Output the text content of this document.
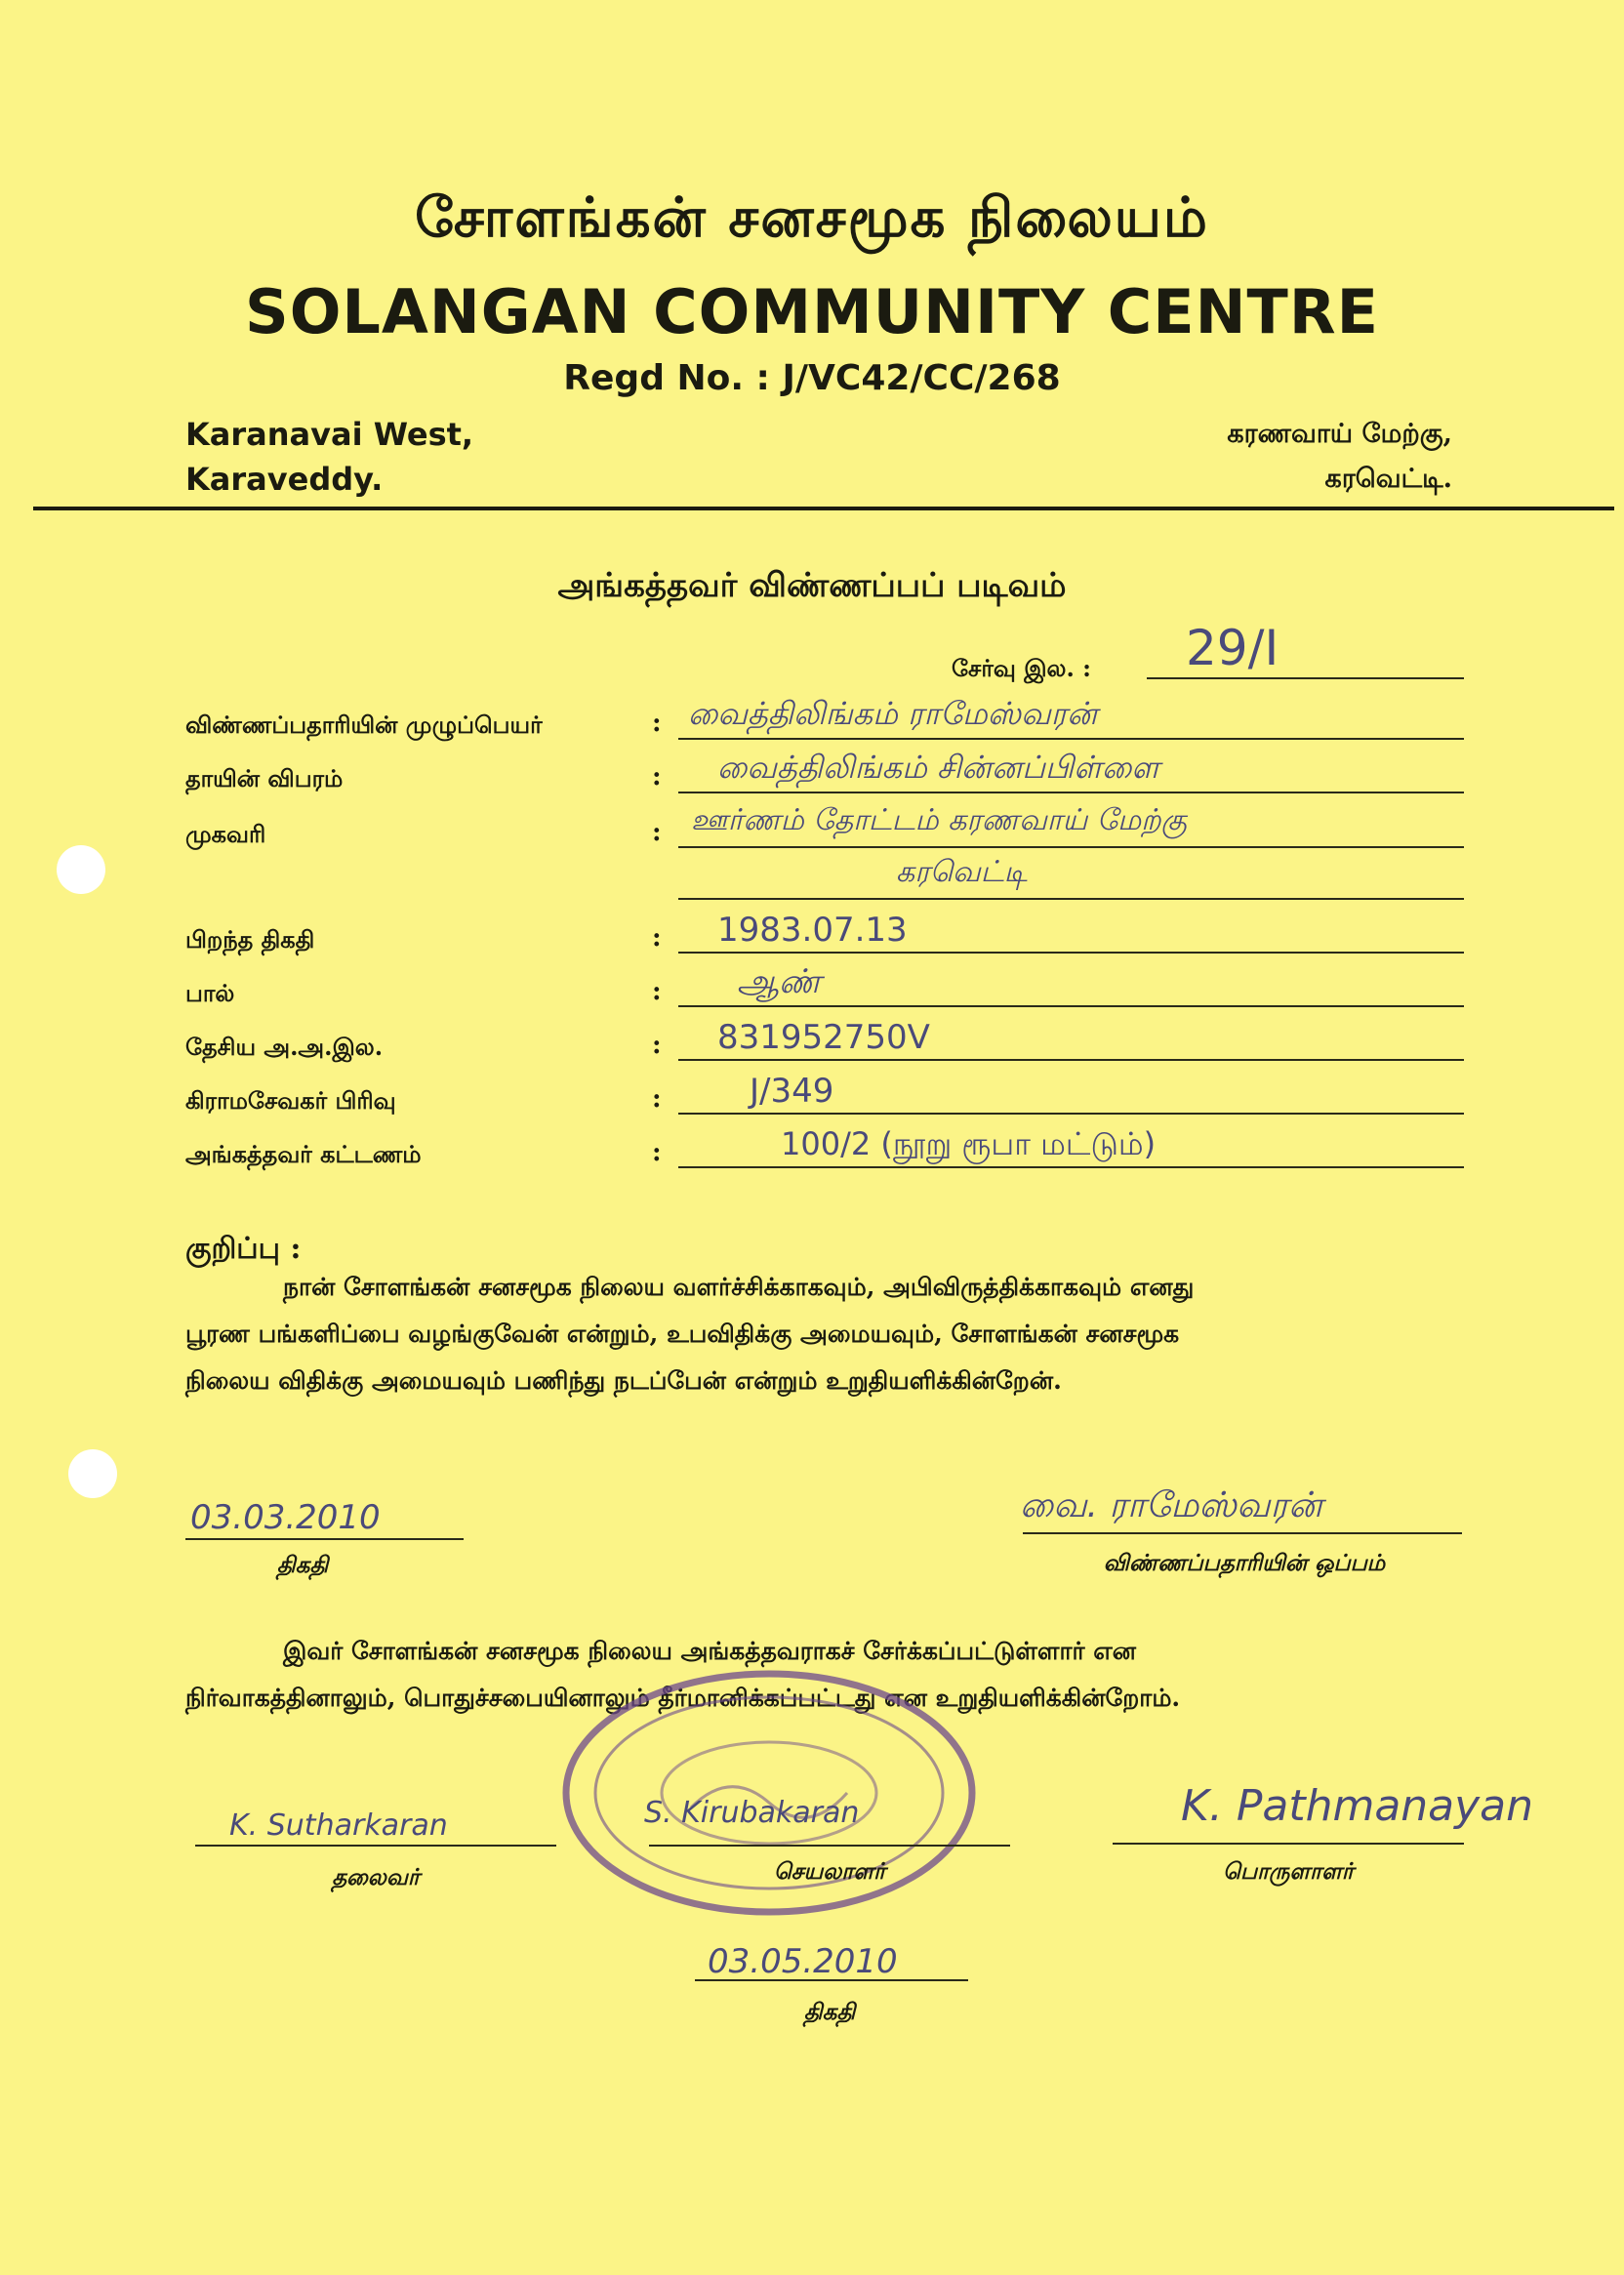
சோளங்கன் சனசமூக நிலையம்
SOLANGAN COMMUNITY CENTRE
Regd No. : J/VC42/CC/268
Karanavai West,
Karaveddy.
கரணவாய் மேற்கு,
கரவெட்டி.
அங்கத்தவர் விண்ணப்பப் படிவம்
சேர்வு இல. : 29/I
விண்ணப்பதாரியின் முழுப்பெயர்	: வைத்திலிங்கம் ராமேஸ்வரன்
தாயின் விபரம்	: வைத்திலிங்கம் சின்னப்பிள்ளை
முகவரி	: ஊர்ணம் தோட்டம் கரணவாய் மேற்கு
கரவெட்டி
பிறந்த திகதி	: 1983.07.13
பால்	: ஆண்
தேசிய அ.அ.இல.	: 831952750V
கிராமசேவகர் பிரிவு	:	J/349
அங்கத்தவர் கட்டணம்	:	100/2 (நூறு ரூபா மட்டும்)
குறிப்பு :
நான் சோளங்கன் சனசமூக நிலைய வளர்ச்சிக்காகவும், அபிவிருத்திக்காகவும் எனது
பூரண பங்களிப்பை வழங்குவேன் என்றும், உபவிதிக்கு அமையவும், சோளங்கன் சனசமூக
நிலைய விதிக்கு அமையவும் பணிந்து நடப்பேன் என்றும் உறுதியளிக்கின்றேன்.
03.03.2010
திகதி
வை. ராமேஸ்வரன்
விண்ணப்பதாரியின் ஒப்பம்
இவர் சோளங்கன் சனசமூக நிலைய அங்கத்தவராகச் சேர்க்கப்பட்டுள்ளார் என
நிர்வாகத்தினாலும், பொதுச்சபையினாலும் தீர்மானிக்கப்பட்டது என உறுதியளிக்கின்றோம்.
K. Sutharkaran
தலைவர்
S. Kirubakaran
செயலாளர்
K. Pathmanayan
பொருளாளர்
03.05.2010
திகதி
